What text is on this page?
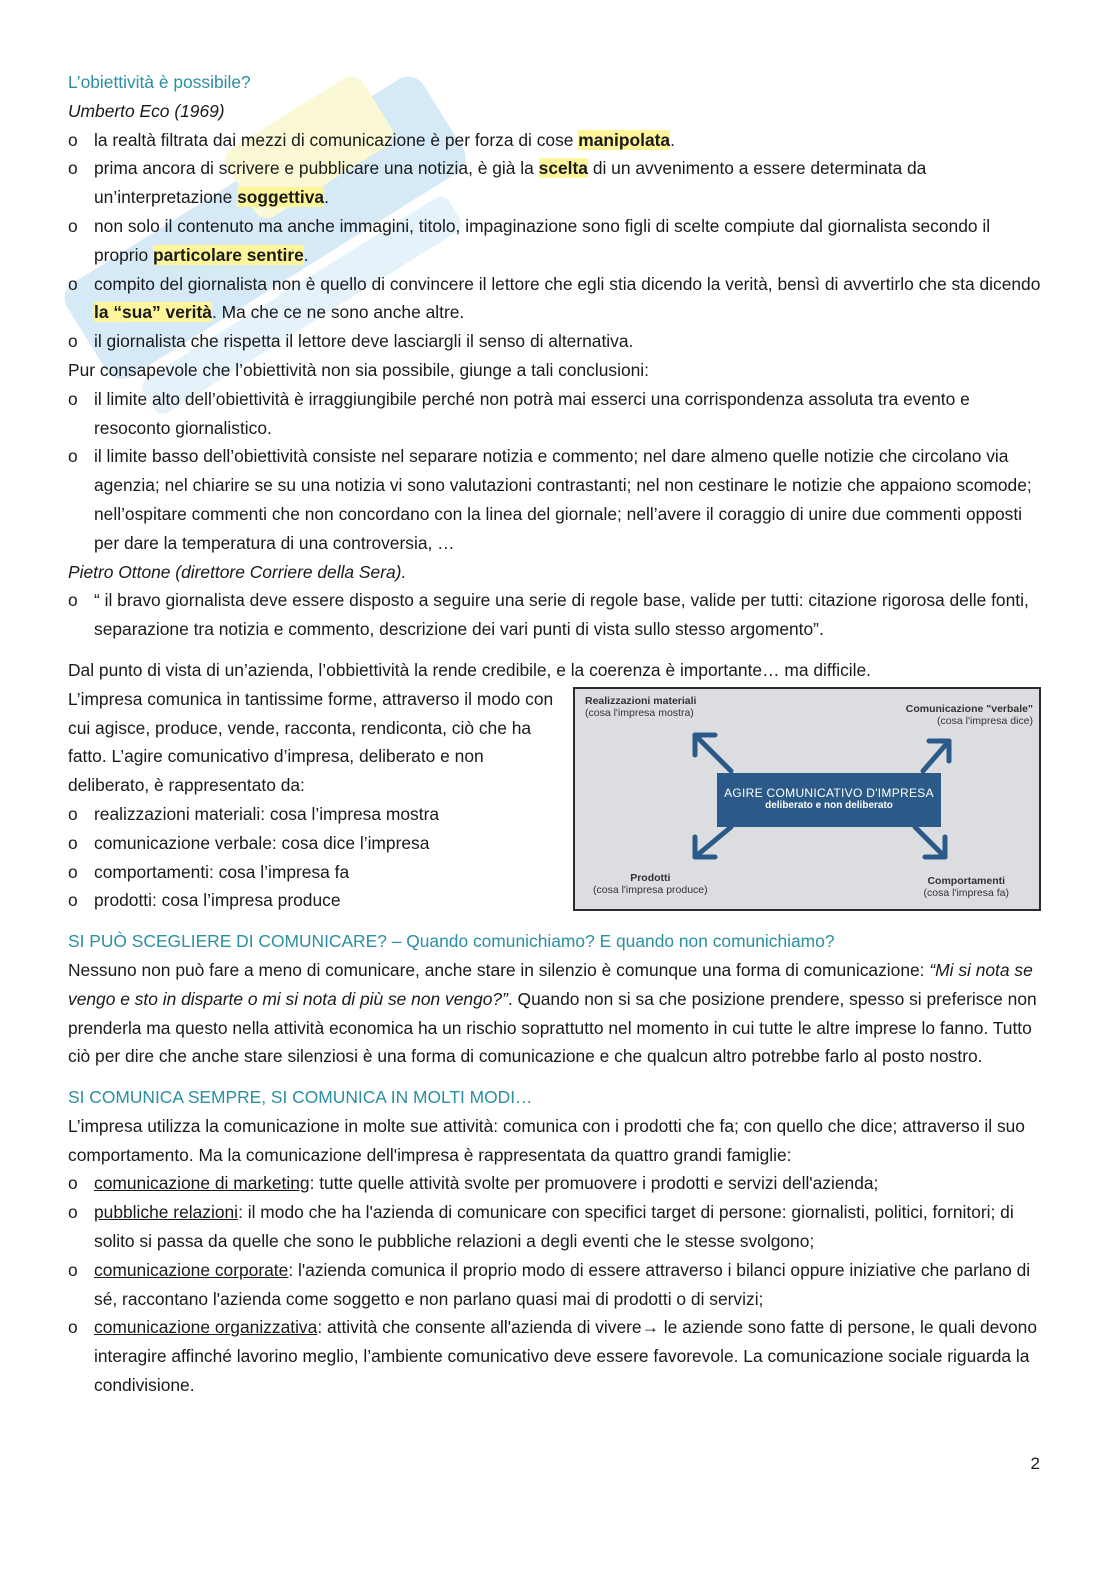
L’obiettività è possibile?

Umberto Eco (1969)

o la realtà filtrata dai mezzi di comunicazione è per forza di cose manipolata.
o prima ancora di scrivere e pubblicare una notizia, è già la scelta di un avvenimento a essere determinata da un’interpretazione soggettiva.
o non solo il contenuto ma anche immagini, titolo, impaginazione sono figli di scelte compiute dal giornalista secondo il proprio particolare sentire.
o compito del giornalista non è quello di convincere il lettore che egli stia dicendo la verità, bensì di avvertirlo che sta dicendo la “sua” verità. Ma che ce ne sono anche altre.
o il giornalista che rispetta il lettore deve lasciargli il senso di alternativa.

Pur consapevole che l’obiettività non sia possibile, giunge a tali conclusioni:

o il limite alto dell’obiettività è irraggiungibile perché non potrà mai esserci una corrispondenza assoluta tra evento e resoconto giornalistico.
o il limite basso dell’obiettività consiste nel separare notizia e commento; nel dare almeno quelle notizie che circolano via agenzia; nel chiarire se su una notizia vi sono valutazioni contrastanti; nel non cestinare le notizie che appaiono scomode; nell’ospitare commenti che non concordano con la linea del giornale; nell’avere il coraggio di unire due commenti opposti per dare la temperatura di una controversia, …

Pietro Ottone (direttore Corriere della Sera).

o “ il bravo giornalista deve essere disposto a seguire una serie di regole base, valide per tutti: citazione rigorosa delle fonti, separazione tra notizia e commento, descrizione dei vari punti di vista sullo stesso argomento”.

Dal punto di vista di un’azienda, l’obbiettività la rende credibile, e la coerenza è importante… ma difficile.

L’impresa comunica in tantissime forme, attraverso il modo con cui agisce, produce, vende, racconta, rendiconta, ciò che ha fatto. L’agire comunicativo d’impresa, deliberato e non deliberato, è rappresentato da:

o realizzazioni materiali: cosa l’impresa mostra
o comunicazione verbale: cosa dice l’impresa
o comportamenti: cosa l’impresa fa
o prodotti: cosa l’impresa produce
Realizzazioni materiali
(cosa l'impresa mostra)	Comunicazione "verbale"
(cosa l'impresa dice)
Prodotti
(cosa l'impresa produce)
Comportamenti
(cosa l'impresa fa)
AGIRE COMUNICATIVO D'IMPRESA
deliberato e non deliberato

SI PUÒ SCEGLIERE DI COMUNICARE? – Quando comunichiamo? E quando non comunichiamo?

Nessuno non può fare a meno di comunicare, anche stare in silenzio è comunque una forma di comunicazione: “Mi si nota se vengo e sto in disparte o mi si nota di più se non vengo?”. Quando non si sa che posizione prendere, spesso si preferisce non prenderla ma questo nella attività economica ha un rischio soprattutto nel momento in cui tutte le altre imprese lo fanno. Tutto ciò per dire che anche stare silenziosi è una forma di comunicazione e che qualcun altro potrebbe farlo al posto nostro.

SI COMUNICA SEMPRE, SI COMUNICA IN MOLTI MODI…

L’impresa utilizza la comunicazione in molte sue attività: comunica con i prodotti che fa; con quello che dice; attraverso il suo comportamento. Ma la comunicazione dell'impresa è rappresentata da quattro grandi famiglie:

o comunicazione di marketing: tutte quelle attività svolte per promuovere i prodotti e servizi dell'azienda;
o pubbliche relazioni: il modo che ha l'azienda di comunicare con specifici target di persone: giornalisti, politici, fornitori; di solito si passa da quelle che sono le pubbliche relazioni a degli eventi che le stesse svolgono;
o comunicazione corporate: l'azienda comunica il proprio modo di essere attraverso i bilanci oppure iniziative che parlano di sé, raccontano l'azienda come soggetto e non parlano quasi mai di prodotti o di servizi;
o comunicazione organizzativa: attività che consente all'azienda di vivere→ le aziende sono fatte di persone, le quali devono interagire affinché lavorino meglio, l’ambiente comunicativo deve essere favorevole. La comunicazione sociale riguarda la condivisione.
2
